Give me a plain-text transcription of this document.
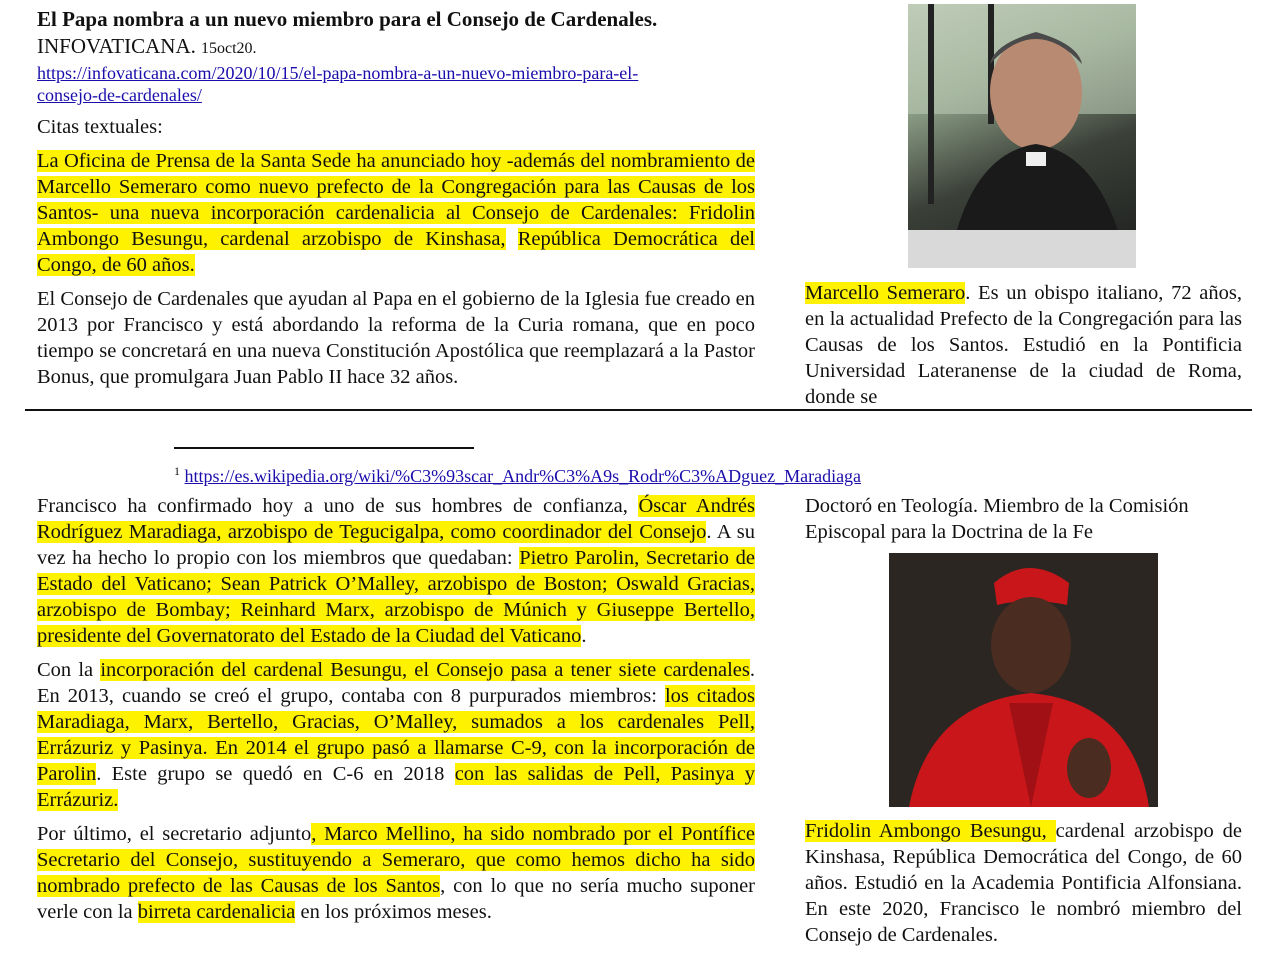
El Papa nombra a un nuevo miembro para el Consejo de Cardenales. INFOVATICANA. 15oct20.

https://infovaticana.com/2020/10/15/el-papa-nombra-a-un-nuevo-miembro-para-el-
consejo-de-cardenales/

Citas textuales:

La Oficina de Prensa de la Santa Sede ha anunciado hoy -además del nombramiento de Marcello Semeraro como nuevo prefecto de la Congregación para las Causas de los Santos- una nueva incorporación cardenalicia al Consejo de Cardenales: Fridolin Ambongo Besungu, cardenal arzobispo de Kinshasa, República Democrática del Congo, de 60 años.

El Consejo de Cardenales que ayudan al Papa en el gobierno de la Iglesia fue creado en 2013 por Francisco y está abordando la reforma de la Curia romana, que en poco tiempo se concretará en una nueva Constitución Apostólica que reemplazará a la Pastor Bonus, que promulgara Juan Pablo II hace 32 años.

Marcello Semeraro. Es un obispo italiano, 72 años, en la actualidad Prefecto de la Congregación para las Causas de los Santos. Estudió en la Pontificia Universidad Lateranense de la ciudad de Roma, donde se
$^1$ https://es.wikipedia.org/wiki/%C3%93scar_Andr%C3%A9s_Rodr%C3%ADguez_Maradiaga

Francisco ha confirmado hoy a uno de sus hombres de confianza, Óscar Andrés Rodríguez Maradiaga, arzobispo de Tegucigalpa, como coordinador del Consejo. A su vez ha hecho lo propio con los miembros que quedaban: Pietro Parolin, Secretario de Estado del Vaticano; Sean Patrick O’Malley, arzobispo de Boston; Oswald Gracias, arzobispo de Bombay; Reinhard Marx, arzobispo de Múnich y Giuseppe Bertello, presidente del Governatorato del Estado de la Ciudad del Vaticano.

Con la incorporación del cardenal Besungu, el Consejo pasa a tener siete cardenales. En 2013, cuando se creó el grupo, contaba con 8 purpurados miembros: los citados Maradiaga, Marx, Bertello, Gracias, O’Malley, sumados a los cardenales Pell, Errázuriz y Pasinya. En 2014 el grupo pasó a llamarse C-9, con la incorporación de Parolin. Este grupo se quedó en C-6 en 2018 con las salidas de Pell, Pasinya y Errázuriz.

Por último, el secretario adjunto, Marco Mellino, ha sido nombrado por el Pontífice Secretario del Consejo, sustituyendo a Semeraro, que como hemos dicho ha sido nombrado prefecto de las Causas de los Santos, con lo que no sería mucho suponer verle con la birreta cardenalicia en los próximos meses.

Doctoró en Teología. Miembro de la Comisión Episcopal para la Doctrina de la Fe

Fridolin Ambongo Besungu, cardenal arzobispo de Kinshasa, República Democrática del Congo, de 60 años. Estudió en la Academia Pontificia Alfonsiana. En este 2020, Francisco le nombró miembro del Consejo de Cardenales.
